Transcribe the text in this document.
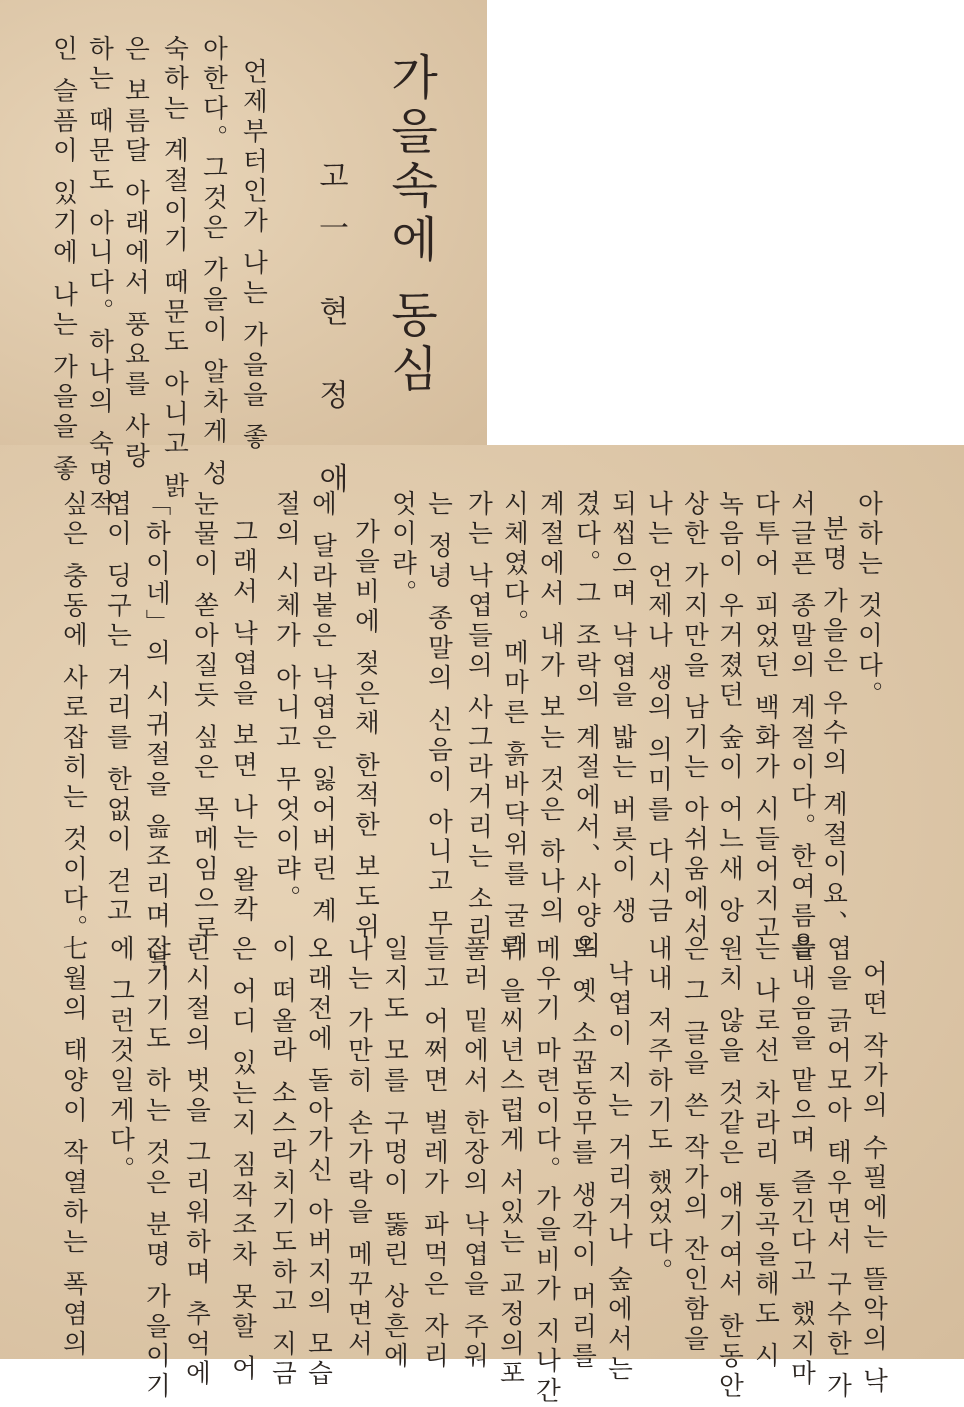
가을속에 동심
고一 현 정 애
언제부터인가 나는 가을을 좋
아한다。그것은 가을이 알차게 성
숙하는 계절이기 때문도 아니고 밝
은 보름달 아래에서 풍요를 사랑
하는 때문도 아니다。하나의 숙명적
인 슬픔이 있기에 나는 가을을 좋
아하는 것이다。
분명 가을은 우수의 계절이요、
서글픈 종말의 계절이다。한여름을
다투어 피었던 백화가 시들어지고
녹음이 우거졌던 숲이 어느새 앙
상한 가지만을 남기는 아쉬움에서
나는 언제나 생의 의미를 다시금
되씹으며 낙엽을 밟는 버릇이 생
겼다。그 조락의 계절에서、사양의
계절에서 내가 보는 것은 하나의
시체였다。메마른 흙바닥위를 굴러
가는 낙엽들의 사그라거리는 소리
는 정녕 종말의 신음이 아니고 무
엇이랴。
가을비에 젖은채 한적한 보도위
에 달라붙은 낙엽은 잃어버린 계
절의 시체가 아니고 무엇이랴。
그래서 낙엽을 보면 나는 왈칵
눈물이 쏟아질듯 싶은 목메임으로
「하이네」의 시귀절을 읊조리며 낙
엽이 딩구는 거리를 한없이 걷고
싶은 충동에 사로잡히는 것이다。
어떤 작가의 수필에는 뜰악의 낙
엽을 긁어모아 태우면서 구수한 가
을내음을 맡으며 즐긴다고 했지마
는 나로선 차라리 통곡을해도 시
원치 않을 것같은 얘기여서 한동안
은 그 글을 쓴 작가의 잔인함을
내내 저주하기도 했었다。
낙엽이 지는 거리거나 숲에서는
또 옛 소꿉동무를 생각이 머리를
메우기 마련이다。가을비가 지나간
뒤 을씨년스럽게 서있는 교정의포
풀러 밑에서 한장의 낙엽을 주워
들고 어쩌면 벌레가 파먹은 자리
일지도 모를 구멍이 뚫린 상흔에
나는 가만히 손가락을 메꾸면서
오래전에 돌아가신 아버지의 모습
이 떠올라 소스라치기도하고 지금
은 어디 있는지 짐작조차 못할 어
린시절의 벗을 그리워하며 추억에
잠기기도 하는 것은 분명 가을이기
에 그런것일게다。
七월의 태양이 작열하는 폭염의
